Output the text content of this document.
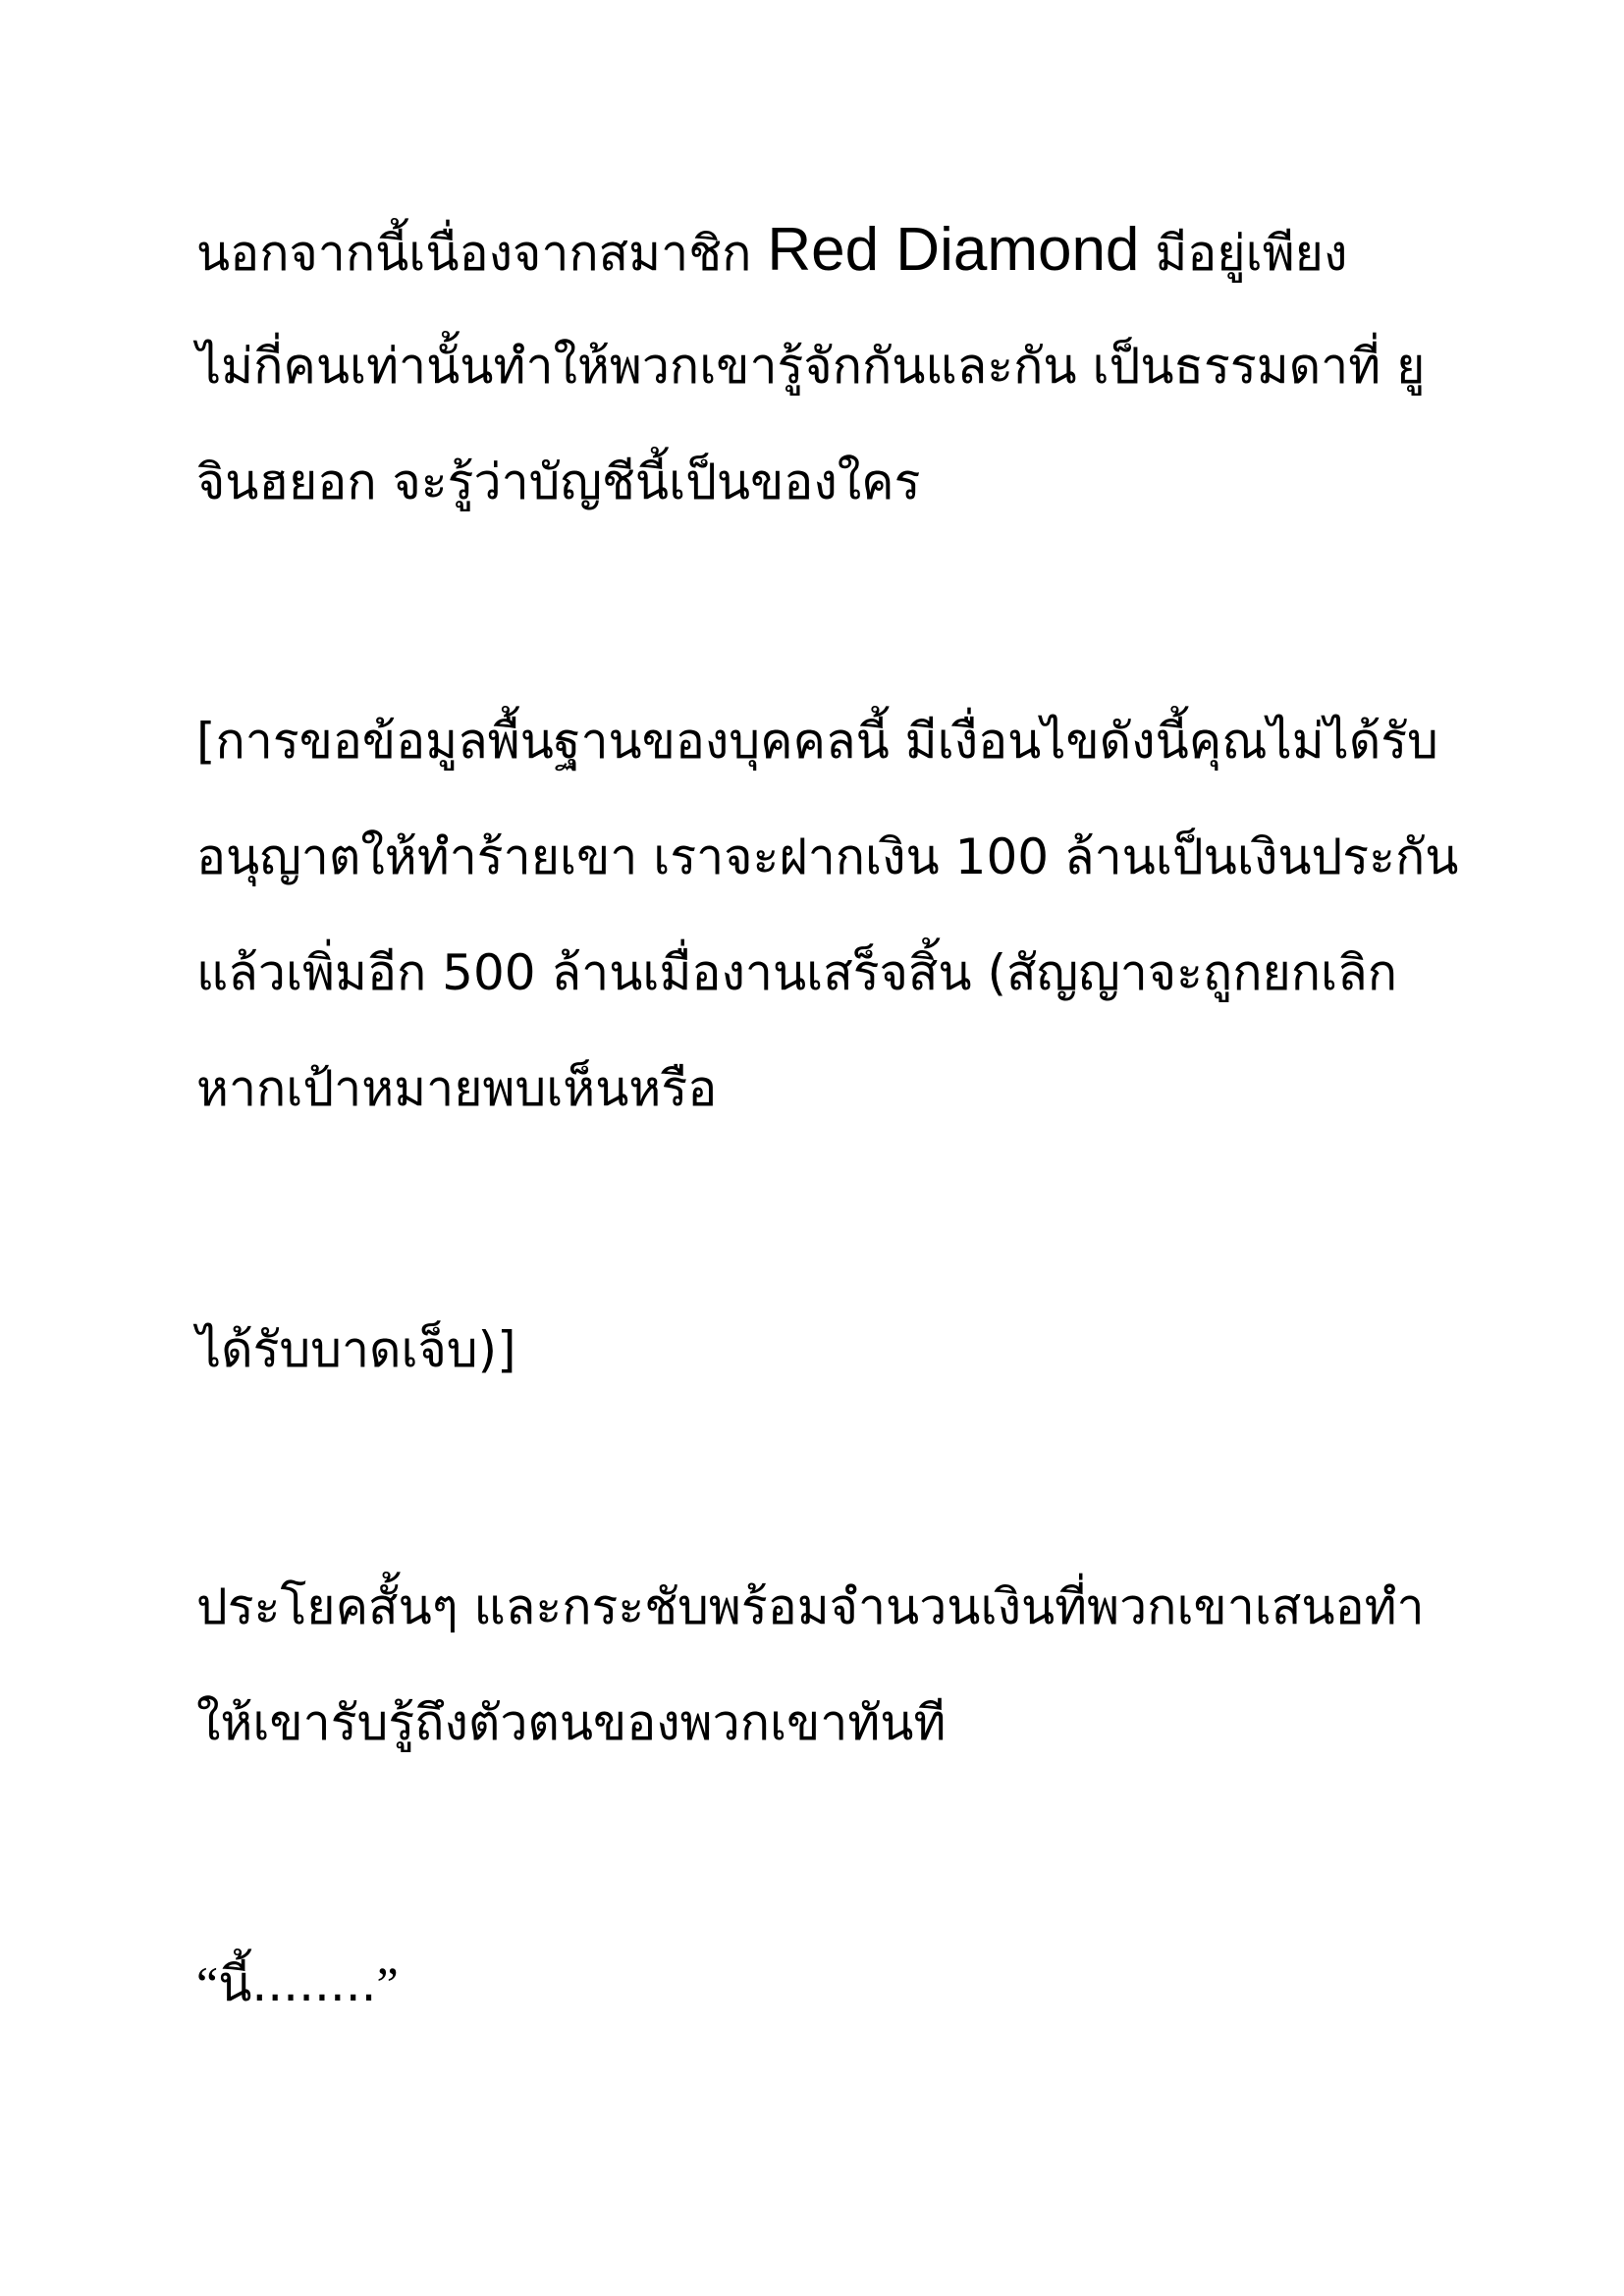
นอกจากนี้เนื่องจากสมาชิก Red Diamond มีอยู่เพียง

ไม่กี่คนเท่านั้นทำให้พวกเขารู้จักกันและกัน เป็นธรรมดาที่ ยู

จินฮยอก จะรู้ว่าบัญชีนี้เป็นของใคร

[การขอข้อมูลพื้นฐานของบุคคลนี้ มีเงื่อนไขดังนี้คุณไม่ได้รับ

อนุญาตให้ทำร้ายเขา เราจะฝากเงิน 100 ล้านเป็นเงินประกัน

แล้วเพิ่มอีก 500 ล้านเมื่องานเสร็จสิ้น (สัญญาจะถูกยกเลิก

หากเป้าหมายพบเห็นหรือ

ได้รับบาดเจ็บ)]

ประโยคสั้นๆ และกระชับพร้อมจำนวนเงินที่พวกเขาเสนอทำ

ให้เขารับรู้ถึงตัวตนของพวกเขาทันที

“นี้........”
